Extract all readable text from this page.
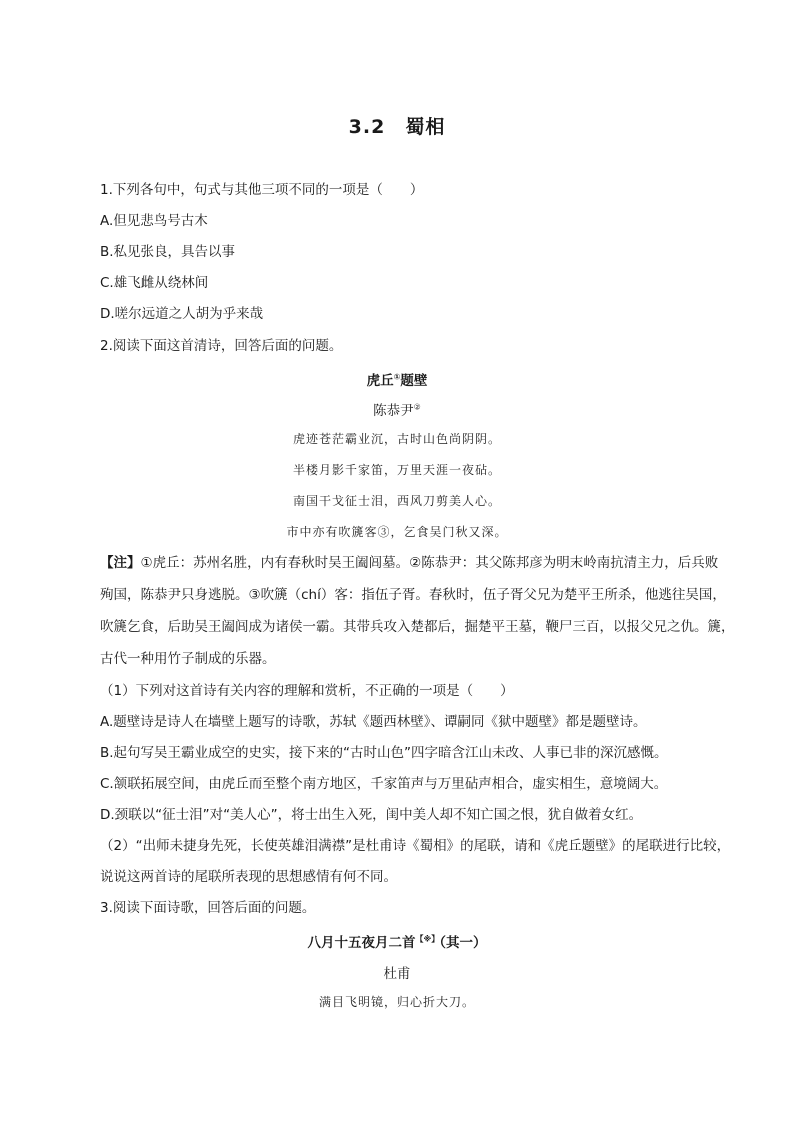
3.2　蜀相
1.下列各句中，句式与其他三项不同的一项是（　　）
A.但见悲鸟号古木
B.私见张良，具告以事
C.雄飞雌从绕林间
D.嗟尔远道之人胡为乎来哉
2.阅读下面这首清诗，回答后面的问题。
虎丘①题壁
陈恭尹②
虎迹苍茫霸业沉，古时山色尚阴阴。
半楼月影千家笛，万里天涯一夜砧。
南国干戈征士泪，西风刀剪美人心。
市中亦有吹篪客③，乞食吴门秋又深。
【注】①虎丘：苏州名胜，内有春秋时吴王阖闾墓。②陈恭尹：其父陈邦彦为明末岭南抗清主力，后兵败
殉国，陈恭尹只身逃脱。③吹篪（chí）客：指伍子胥。春秋时，伍子胥父兄为楚平王所杀，他逃往吴国，
吹篪乞食，后助吴王阖闾成为诸侯一霸。其带兵攻入楚都后，掘楚平王墓，鞭尸三百，以报父兄之仇。篪，
古代一种用竹子制成的乐器。
（1）下列对这首诗有关内容的理解和赏析，不正确的一项是（　　）
A.题壁诗是诗人在墙壁上题写的诗歌，苏轼《题西林壁》、谭嗣同《狱中题壁》都是题壁诗。
B.起句写吴王霸业成空的史实，接下来的“古时山色”四字暗含江山未改、人事已非的深沉感慨。
C.颔联拓展空间，由虎丘而至整个南方地区，千家笛声与万里砧声相合，虚实相生，意境阔大。
D.颈联以“征士泪”对“美人心”，将士出生入死，闺中美人却不知亡国之恨，犹自做着女红。
（2）“出师未捷身先死，长使英雄泪满襟”是杜甫诗《蜀相》的尾联，请和《虎丘题壁》的尾联进行比较，
说说这两首诗的尾联所表现的思想感情有何不同。
3.阅读下面诗歌，回答后面的问题。
八月十五夜月二首【※】（其一）
杜甫
满目飞明镜，归心折大刀。
